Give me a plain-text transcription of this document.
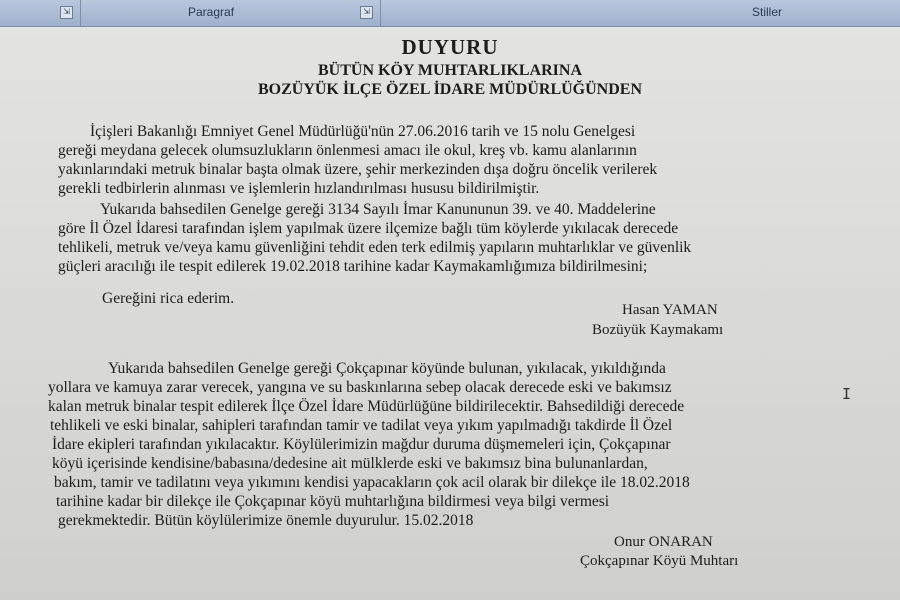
⇲	Paragraf	⇲	Stiller
DUYURU
BÜTÜN KÖY MUHTARLIKLARINA
BOZÜYÜK İLÇE ÖZEL İDARE MÜDÜRLÜĞÜNDEN
İçişleri Bakanlığı Emniyet Genel Müdürlüğü'nün 27.06.2016 tarih ve 15 nolu Genelgesi
gereği meydana gelecek olumsuzlukların önlenmesi amacı ile okul, kreş vb. kamu alanlarının
yakınlarındaki metruk binalar başta olmak üzere, şehir merkezinden dışa doğru öncelik verilerek
gerekli tedbirlerin alınması ve işlemlerin hızlandırılması hususu bildirilmiştir.
Yukarıda bahsedilen Genelge gereği 3134 Sayılı İmar Kanununun 39. ve 40. Maddelerine
göre İl Özel İdaresi tarafından işlem yapılmak üzere ilçemize bağlı tüm köylerde yıkılacak derecede
tehlikeli, metruk ve/veya kamu güvenliğini tehdit eden terk edilmiş yapıların muhtarlıklar ve güvenlik
güçleri aracılığı ile tespit edilerek 19.02.2018 tarihine kadar Kaymakamlığımıza bildirilmesini;
Gereğini rica ederim.
Hasan YAMAN
Bozüyük Kaymakamı
Yukarıda bahsedilen Genelge gereği Çokçapınar köyünde bulunan, yıkılacak, yıkıldığında
yollara ve kamuya zarar verecek, yangına ve su baskınlarına sebep olacak derecede eski ve bakımsız
kalan metruk binalar tespit edilerek İlçe Özel İdare Müdürlüğüne bildirilecektir. Bahsedildiği derecede
tehlikeli ve eski binalar, sahipleri tarafından tamir ve tadilat veya yıkım yapılmadığı takdirde İl Özel
İdare ekipleri tarafından yıkılacaktır. Köylülerimizin mağdur duruma düşmemeleri için, Çokçapınar
köyü içerisinde kendisine/babasına/dedesine ait mülklerde eski ve bakımsız bina bulunanlardan,
bakım, tamir ve tadilatını veya yıkımını kendisi yapacakların çok acil olarak bir dilekçe ile 18.02.2018
tarihine kadar bir dilekçe ile Çokçapınar köyü muhtarlığına bildirmesi veya bilgi vermesi
gerekmektedir. Bütün köylülerimize önemle duyurulur. 15.02.2018
Onur ONARAN
Çokçapınar Köyü Muhtarı
I
